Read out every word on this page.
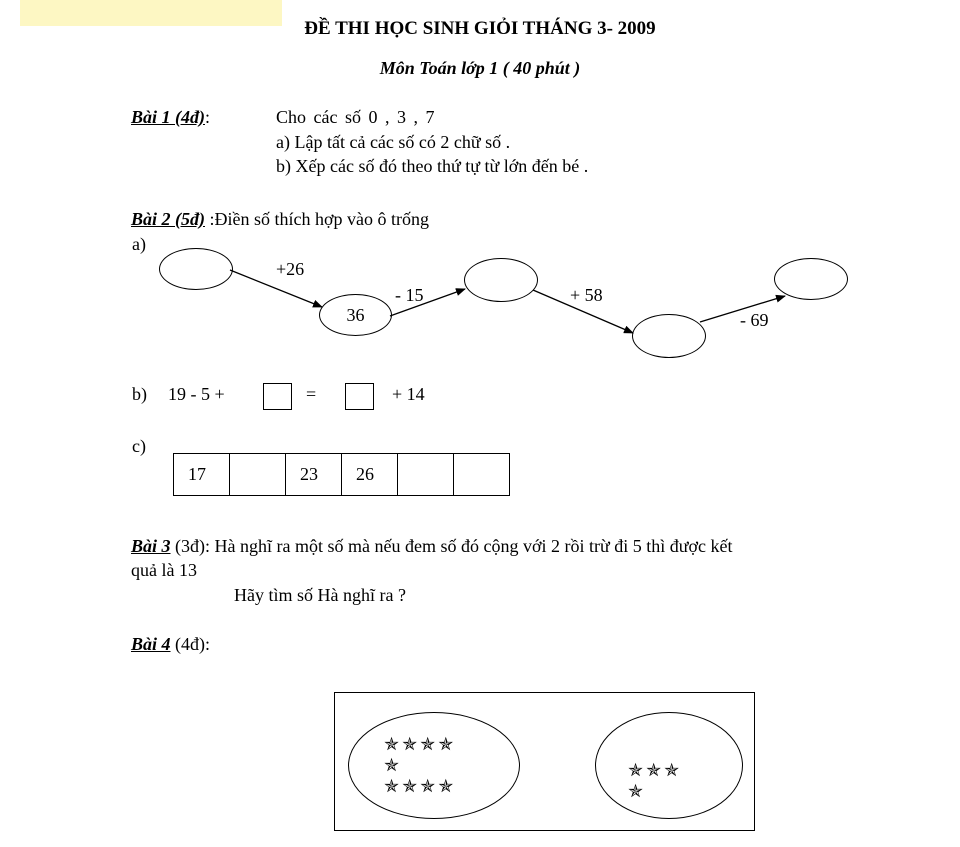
ĐỀ THI HỌC SINH GIỎI THÁNG 3- 2009
Môn Toán lớp 1 ( 40 phút )
Bài 1 (4đ):	Cho các số 0 , 3 , 7
a) Lập tất cả các số có 2 chữ số .
b) Xếp các số đó theo thứ tự từ lớn đến bé .
Bài 2 (5đ) :Điền số thích hợp vào ô trống
a)
36
+26
- 15	+ 58
- 69
b) 19 - 5 +	=	+ 14
c)
17		23	26		
Bài 3 (3đ): Hà nghĩ ra một số mà nếu đem số đó cộng với 2 rồi trừ đi 5 thì được kết
quả là 13
Hãy tìm số Hà nghĩ ra ?
Bài 4 (4đ):
✯✯✯✯
✯
✯✯✯✯
✯✯✯
✯
